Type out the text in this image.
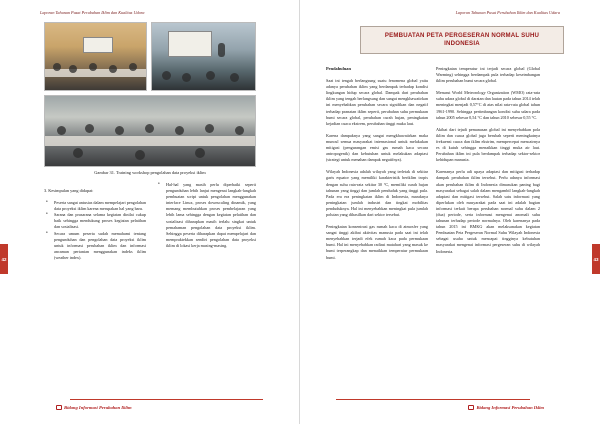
Laporan Tahunan Pusat Perubahan Iklim dan Kualitas Udara
Gambar 31. Training workshop pengolahan data proyeksi iklim
3. Kesimpulan yang didapat:
• Peserta sangat antusias dalam mempelajari pengolahan data proyeksi iklim karena merupakan hal yang baru.
• Sarana dan prasarana selama kegiatan dinilai cukup baik sehingga mendukung proses kegiatan pelatihan dan sosialisasi.
• Secara umum peserta sudah memahami tentang pengunduhan dan pengolahan data proyeksi iklim untuk informasi perubahan iklim dan informasi ancaman pertanian menggunakan indeks iklim (weather index).
• Hal-hal yang masih perlu diperbaiki seperti pengunduhan lebih lanjut mengenai langkah-langkah pembuatan script untuk pengolahan menggunakan interface Linux, proses downscaling dinamik, yang memang membutuhkan proses pembelajaran yang lebih lama sehingga dengan kegiatan pelatihan dan sosialisasi diharapkan masih terlalu singkat untuk pemahaman pengolahan data proyeksi iklim. Sehingga peserta diharapkan dapat mempelajari dan mempraktekkan sendiri pengolahan data proyeksi iklim di lokasi kerja masing-masing.
42
Bidang Informasi Perubahan Iklim
Laporan Tahunan Pusat Perubahan Iklim dan Kualitas Udara
PEMBUATAN PETA PERGESERAN NORMAL SUHU INDONESIA
Pendahuluan

Saat ini tengah berlangsung suatu fenomena global yaitu adanya perubahan iklim yang berdampak terhadap kondisi lingkungan hidup secara global. Dampak dari perubahan iklim yang tengah berlangsung dan sangat mengkhawatirkan ini menyebabkan perubahan secara signifikan dan negatif terhadap pranatan iklim seperti, perubahan suhu permukaan bumi secara global, perubahan curah hujan, peningkatan kejadian cuaca ekstrem, perubahan tinggi muka laut.

Karena dampaknya yang sangat mengkhawatirkan maka muncul semua masyarakat internasional untuk melakukan mitigasi (pengurangan emisi gas rumah kaca secara antropogenik) dan kebutuhan untuk melakukan adaptasi (strategi untuk menahan dampak negatifnya).

Wilayah Indonesia adalah wilayah yang terletak di sekitar garis equator yang memiliki karakteristik beriklim tropis dengan suhu rata-rata sekitar 30 °C, memiliki curah hujan tahunan yang tinggi dan jumlah penduduk yang tinggi pula. Pada era era peningkatan iklim di Indonesia, maraknya peningkatan jumlah industri dan tingkat mobilitas penduduknya. Hal ini menyebabkan meningkat pula jumlah polutan yang dihasilkan dari sektor tersebut.

Peningkatan konsentrasi gas rumah kaca di atmosfer yang sangat tinggi akibat aktivitas manusia pada saat ini telah menyebabkan terjadi efek rumah kaca pada permukaan bumi. Hal ini menyebabkan radiasi matahari yang masuk ke bumi terperangkap dan menaikkan temperatur permukaan bumi.

Peningkatan temperatur ini terjadi secara global (Global Warming) sehingga berdampak pula terhadap keseimbangan iklim perubahan bumi secara global.

Menurut World Meteorology Organization (WMO) rata-rata suhu udara global di daratan dan lautan pada tahun 2014 telah meningkat menjadi 0,57°C di atas nilai rata-rata global tahun 1961-1990. Sehingga pertimbangan kondisi suhu udara pada tahun 2005 sebesar 0,54 °C dan tahun 2010 sebesar 0,55 °C.

Akibat dari tejadi pemanasan global ini menyebabkan pola iklim dan cuaca global juga berubah seperti meningkatnya frekuensi cuaca dan iklim ekstrim, mempercepat mencairnya es di kutub sehingga menaikkan tinggi muka air laut. Perubahan iklim ini pula berdampak terhadap sektor-sektor kehidupan manusia.

Karenanya perlu adi upaya adaptasi dan mitigasi terhadap dampak perubahan iklim tersebut. Perlu adanya informasi akan perubahan iklim di Indonesia dimasukan paning bagi masyarakat sebagai salah dalam mengambil langkah-langkah adaptasi dan mitigasi tersebut. Salah satu informasi yang diperlukan oleh masyarakat pada saat ini adalah bagian informasi terkait berapa perubahan normal suhu dalam 2 (dua) periode, serta informasi mengenai anomali suhu tahunan terhadap periode normalnya. Oleh karenanya pada tahun 2015 ini BMKG akan melaksanakan kegiatan Pembuatan Peta Pergeseran Normal Suhu Wilayah Indonesia sebagai usaha untuk mencapai tingginya kebutuhan masyarakat mengenai informasi pergeseran suhu di wilayah Indonesia.

43
Bidang Informasi Perubahan Iklim
